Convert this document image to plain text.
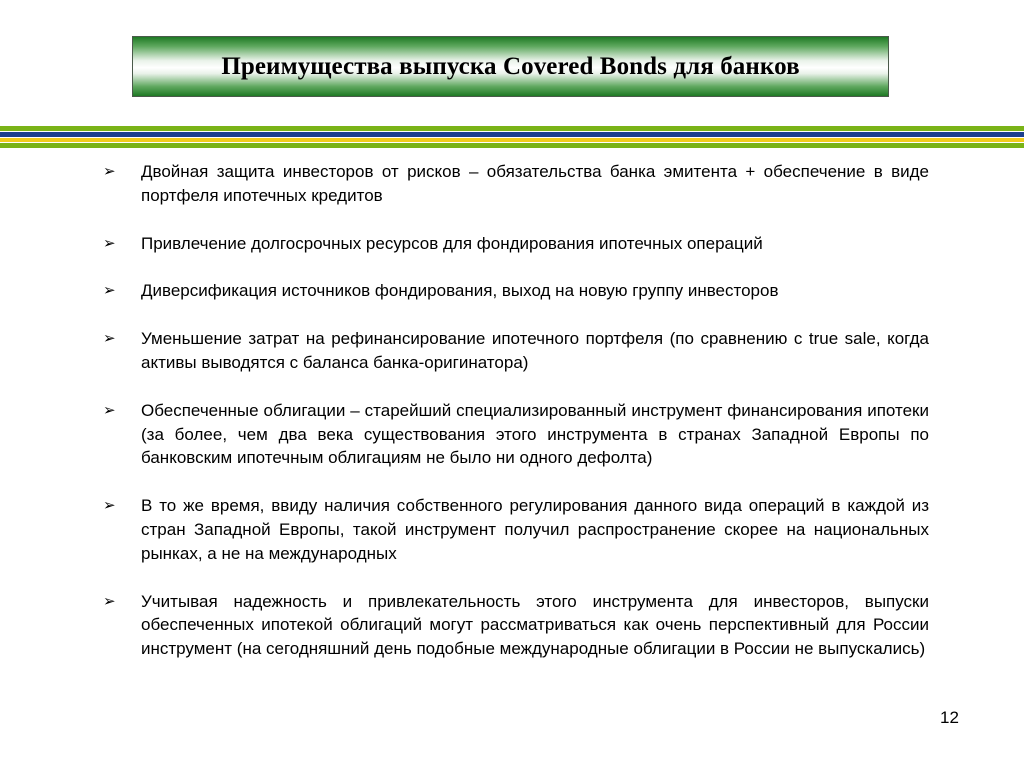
Преимущества выпуска Covered Bonds для банков
➢ Двойная защита инвесторов от рисков – обязательства банка эмитента + обеспечение в виде портфеля ипотечных кредитов
➢ Привлечение долгосрочных ресурсов для фондирования ипотечных операций
➢ Диверсификация источников фондирования, выход на новую группу инвесторов
➢ Уменьшение затрат на рефинансирование ипотечного портфеля (по сравнению с true sale, когда активы выводятся с баланса банка-оригинатора)
➢ Обеспеченные облигации – старейший специализированный инструмент финансирования ипотеки (за более, чем два века существования этого инструмента в странах Западной Европы по банковским ипотечным облигациям не было ни одного дефолта)
➢ В то же время, ввиду наличия собственного регулирования данного вида операций в каждой из стран Западной Европы, такой инструмент получил распространение скорее на национальных рынках, а не на международных
➢ Учитывая надежность и привлекательность этого инструмента для инвесторов, выпуски обеспеченных ипотекой облигаций могут рассматриваться как очень перспективный для России инструмент (на сегодняшний день подобные международные облигации в России не выпускались)
12
